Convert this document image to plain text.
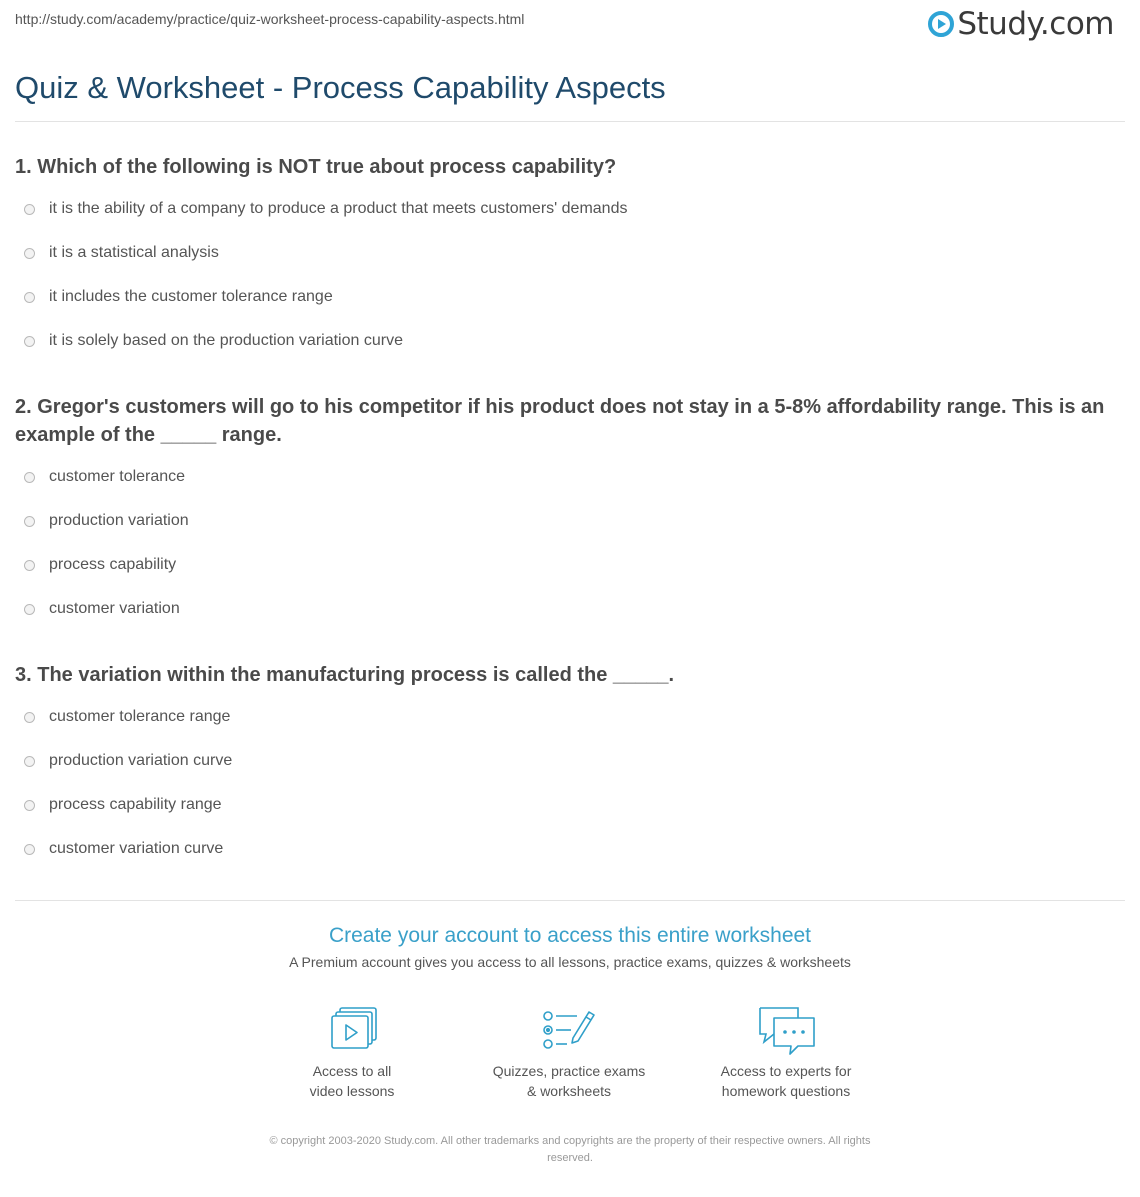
http://study.com/academy/practice/quiz-worksheet-process-capability-aspects.html	Study.com
Quiz & Worksheet - Process Capability Aspects

1. Which of the following is NOT true about process capability?

it is the ability of a company to produce a product that meets customers' demands
it is a statistical analysis
it includes the customer tolerance range
it is solely based on the production variation curve

2. Gregor's customers will go to his competitor if his product does not stay in a 5-8% affordability range. This is an example of the _____ range.

customer tolerance
production variation
process capability
customer variation

3. The variation within the manufacturing process is called the _____.

customer tolerance range
production variation curve
process capability range
customer variation curve
Create your account to access this entire worksheet
A Premium account gives you access to all lessons, practice exams, quizzes & worksheets
Access to all
video lessons
Quizzes, practice exams
& worksheets
Access to experts for
homework questions
© copyright 2003-2020 Study.com. All other trademarks and copyrights are the property of their respective owners. All rights
reserved.
